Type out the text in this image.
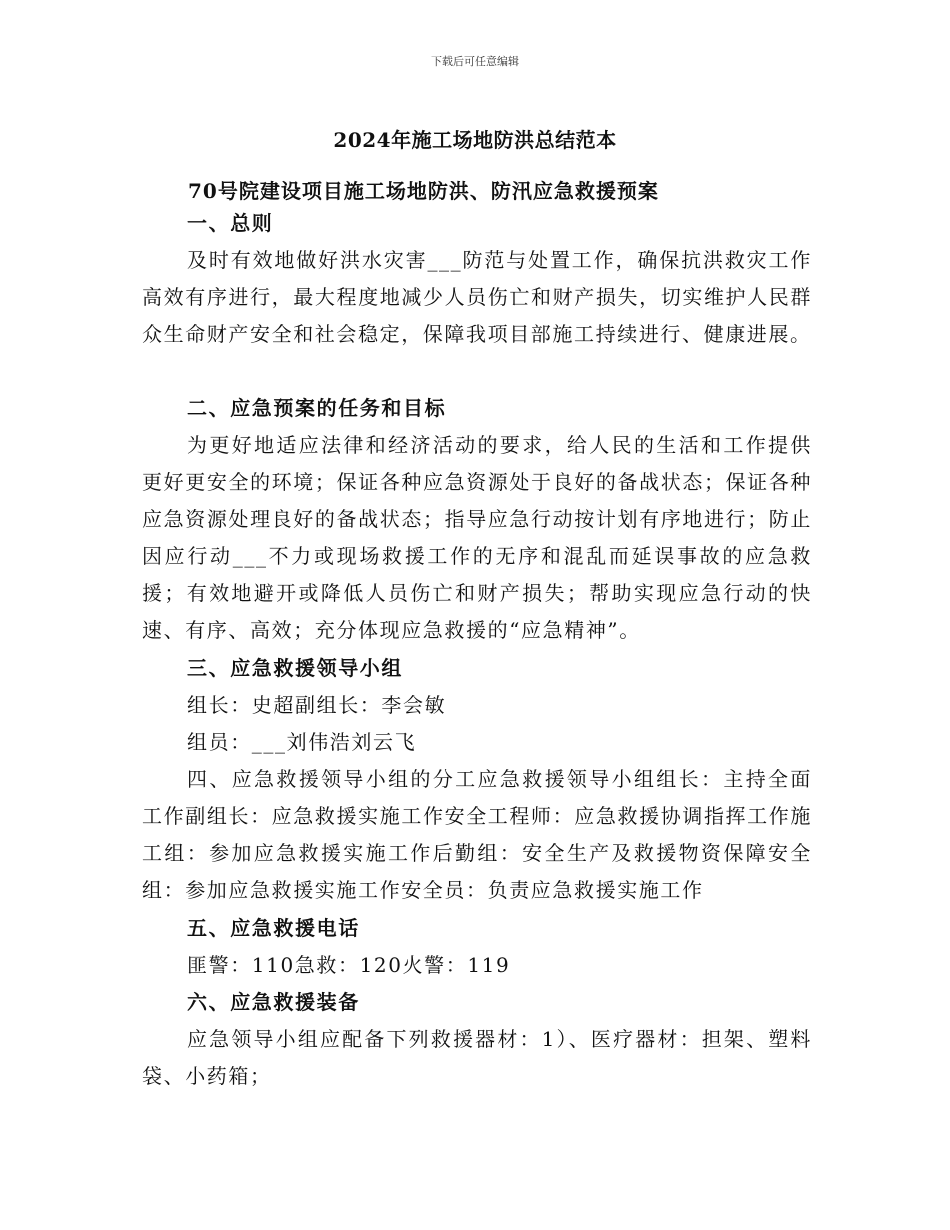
下载后可任意编辑
2024年施工场地防洪总结范本
70号院建设项目施工场地防洪、防汛应急救援预案
一、总则
及时有效地做好洪水灾害___防范与处置工作，确保抗洪救灾工作高效有序进行，最大程度地减少人员伤亡和财产损失，切实维护人民群众生命财产安全和社会稳定，保障我项目部施工持续进行、健康进展。
二、应急预案的任务和目标
为更好地适应法律和经济活动的要求，给人民的生活和工作提供更好更安全的环境；保证各种应急资源处于良好的备战状态；保证各种应急资源处理良好的备战状态；指导应急行动按计划有序地进行；防止因应行动___不力或现场救援工作的无序和混乱而延误事故的应急救援；有效地避开或降低人员伤亡和财产损失；帮助实现应急行动的快速、有序、高效；充分体现应急救援的“应急精神”。
三、应急救援领导小组
组长：史超副组长：李会敏
组员：___刘伟浩刘云飞
四、应急救援领导小组的分工应急救援领导小组组长：主持全面工作副组长：应急救援实施工作安全工程师：应急救援协调指挥工作施工组：参加应急救援实施工作后勤组：安全生产及救援物资保障安全组：参加应急救援实施工作安全员：负责应急救援实施工作
五、应急救援电话
匪警：110急救：120火警：119
六、应急救援装备
应急领导小组应配备下列救援器材：1）、医疗器材：担架、塑料袋、小药箱；
